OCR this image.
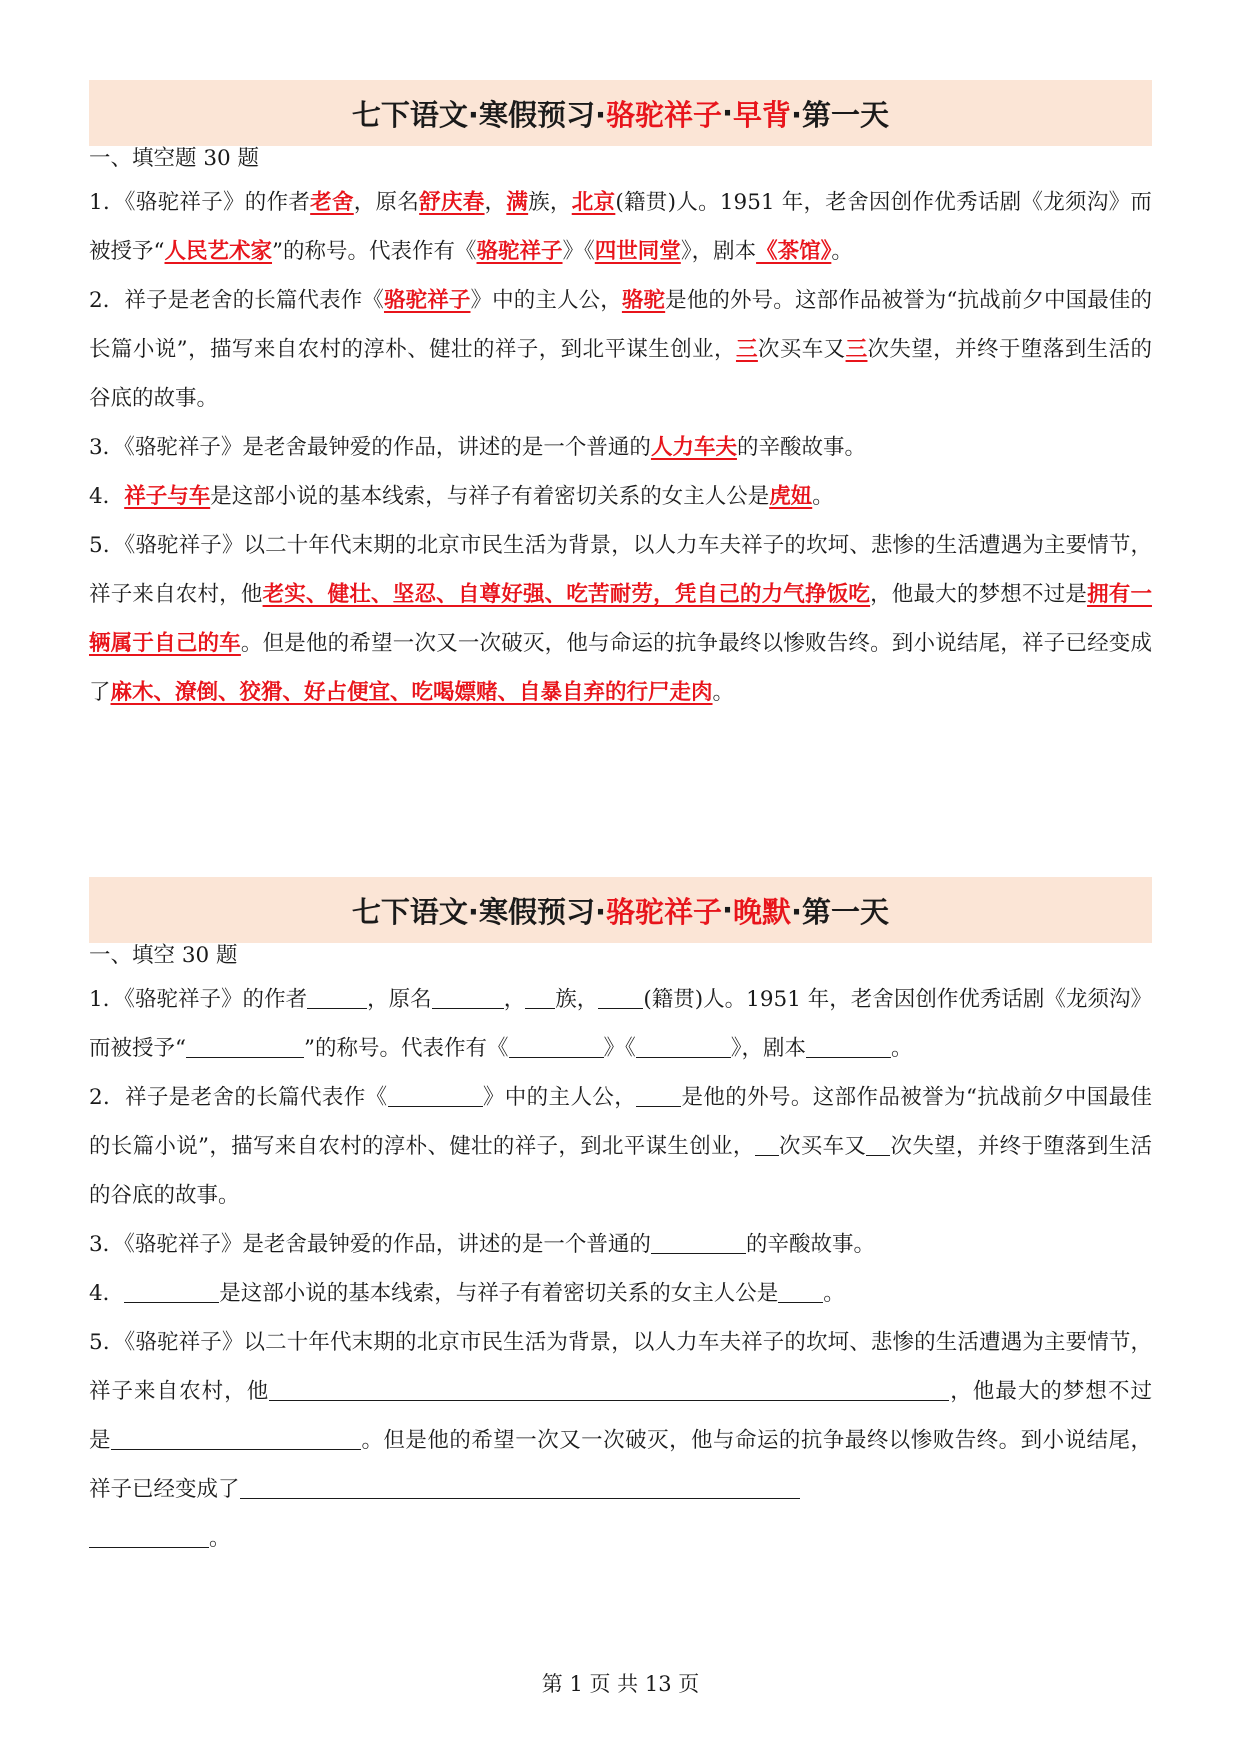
七下语文·寒假预习· 骆驼祥子 · 早背 ·第一天
一、填空题 30 题

1．《骆驼祥子》的作者老舍，原名舒庆春，满族，北京(籍贯)人。1951 年，老舍因创作优秀话剧《龙须沟》而被授予“人民艺术家”的称号。代表作有《骆驼祥子》《四世同堂》，剧本《茶馆》。

2．祥子是老舍的长篇代表作《骆驼祥子》中的主人公，骆驼是他的外号。这部作品被誉为“抗战前夕中国最佳的长篇小说”，描写来自农村的淳朴、健壮的祥子，到北平谋生创业，三次买车又三次失望，并终于堕落到生活的谷底的故事。

3．《骆驼祥子》是老舍最钟爱的作品，讲述的是一个普通的人力车夫的辛酸故事。

4．祥子与车是这部小说的基本线索，与祥子有着密切关系的女主人公是虎妞。

5．《骆驼祥子》以二十年代末期的北京市民生活为背景，以人力车夫祥子的坎坷、悲惨的生活遭遇为主要情节，祥子来自农村，他老实、健壮、坚忍、自尊好强、吃苦耐劳，凭自己的力气挣饭吃，他最大的梦想不过是拥有一辆属于自己的车。但是他的希望一次又一次破灭，他与命运的抗争最终以惨败告终。到小说结尾，祥子已经变成了麻木、潦倒、狡猾、好占便宜、吃喝嫖赌、自暴自弃的行尸走肉。

七下语文·寒假预习· 骆驼祥子 · 晚默 ·第一天
一、填空 30 题

1．《骆驼祥子》的作者	，原名	， 族， (籍贯)人。1951 年，老舍因创作优秀话剧《龙须沟》而被授予“	”的称号。代表作有《	》《	》，剧本	。

2．祥子是老舍的长篇代表作《	》中的主人公， 是他的外号。这部作品被誉为“抗战前夕中国最佳的长篇小说”，描写来自农村的淳朴、健壮的祥子，到北平谋生创业， 次买车又 次失望，并终于堕落到生活的谷底的故事。

3．《骆驼祥子》是老舍最钟爱的作品，讲述的是一个普通的	的辛酸故事。

4．	是这部小说的基本线索，与祥子有着密切关系的女主人公是 。

5．《骆驼祥子》以二十年代末期的北京市民生活为背景，以人力车夫祥子的坎坷、悲惨的生活遭遇为主要情节，祥子来自农村，他	，他最大的梦想不过是	。但是他的希望一次又一次破灭，他与命运的抗争最终以惨败告终。到小说结尾，祥子已经变成了
。

第 1 页 共 13 页
